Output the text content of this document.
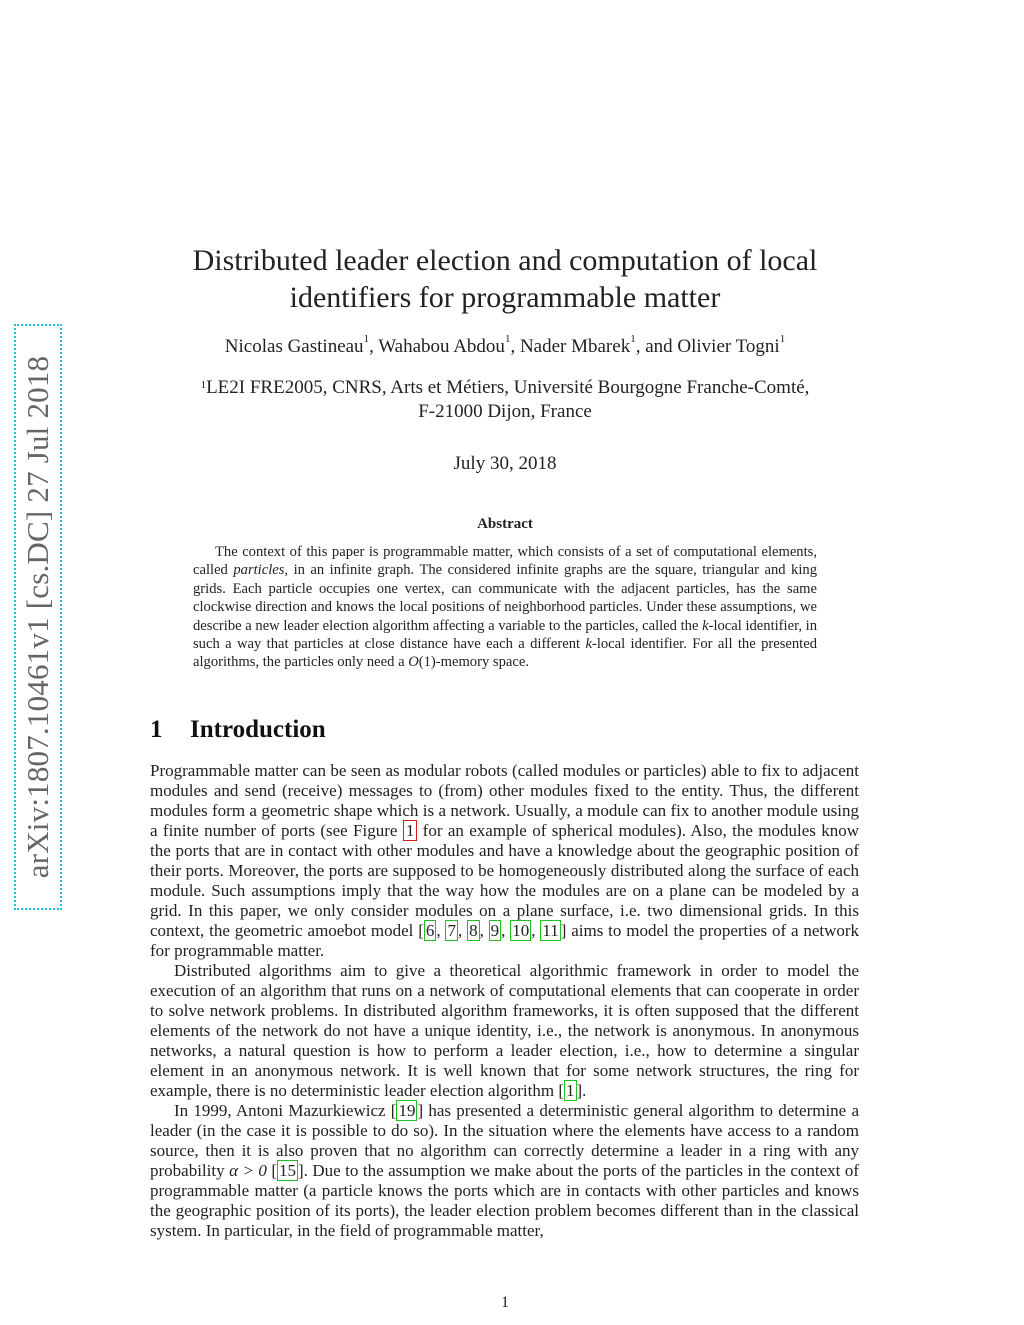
arXiv:1807.10461v1 [cs.DC] 27 Jul 2018
Distributed leader election and computation of local identifiers for programmable matter
Nicolas Gastineau$^1$, Wahabou Abdou$^1$, Nader Mbarek$^1$, and Olivier Togni$^1$
$^1$LE2I FRE2005, CNRS, Arts et Métiers, Université Bourgogne Franche-Comté,
F-21000 Dijon, France
July 30, 2018
Abstract

The context of this paper is programmable matter, which consists of a set of computational elements, called particles, in an infinite graph. The considered infinite graphs are the square, triangular and king grids. Each particle occupies one vertex, can communicate with the adjacent particles, has the same clockwise direction and knows the local positions of neighborhood particles. Under these assumptions, we describe a new leader election algorithm affecting a variable to the particles, called the k-local identifier, in such a way that particles at close distance have each a different k-local identifier. For all the presented algorithms, the particles only need a O(1)-memory space.

1 Introduction

Programmable matter can be seen as modular robots (called modules or particles) able to fix to adjacent modules and send (receive) messages to (from) other modules fixed to the entity. Thus, the different modules form a geometric shape which is a network. Usually, a module can fix to another module using a finite number of ports (see Figure 1 for an example of spherical modules). Also, the modules know the ports that are in contact with other modules and have a knowledge about the geographic position of their ports. Moreover, the ports are supposed to be homogeneously distributed along the surface of each module. Such assumptions imply that the way how the modules are on a plane can be modeled by a grid. In this paper, we only consider modules on a plane surface, i.e. two dimensional grids. In this context, the geometric amoebot model [ 6 , 7 , 8 , 9 , 10 , 11 ] aims to model the properties of a network for programmable matter.

Distributed algorithms aim to give a theoretical algorithmic framework in order to model the execution of an algorithm that runs on a network of computational elements that can cooperate in order to solve network problems. In distributed algorithm frameworks, it is often supposed that the different elements of the network do not have a unique identity, i.e., the network is anonymous. In anonymous networks, a natural question is how to perform a leader election, i.e., how to determine a singular element in an anonymous network. It is well known that for some network structures, the ring for example, there is no deterministic leader election algorithm [ 1 ].

In 1999, Antoni Mazurkiewicz [ 19 ] has presented a deterministic general algorithm to determine a leader (in the case it is possible to do so). In the situation where the elements have access to a random source, then it is also proven that no algorithm can correctly determine a leader in a ring with any probability α > 0 [ 15 ]. Due to the assumption we make about the ports of the particles in the context of programmable matter (a particle knows the ports which are in contacts with other particles and knows the geographic position of its ports), the leader election problem becomes different than in the classical system. In particular, in the field of programmable matter,

1
